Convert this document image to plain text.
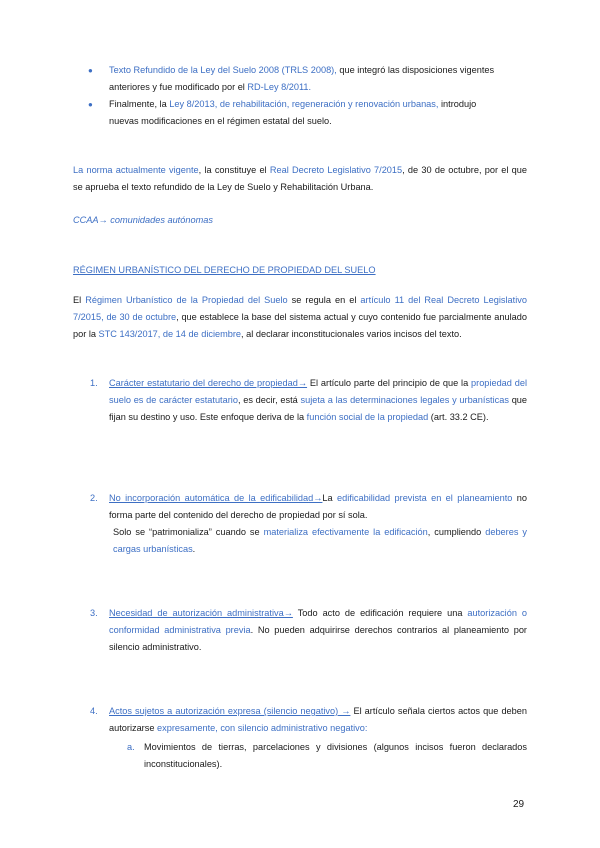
● Texto Refundido de la Ley del Suelo 2008 (TRLS 2008), que integró las disposiciones vigentes anteriores y fue modificado por el RD-Ley 8/2011.
● Finalmente, la Ley 8/2013, de rehabilitación, regeneración y renovación urbanas, introdujo nuevas modificaciones en el régimen estatal del suelo.
La norma actualmente vigente, la constituye el Real Decreto Legislativo 7/2015, de 30 de octubre, por el que se aprueba el texto refundido de la Ley de Suelo y Rehabilitación Urbana.
CCAA→ comunidades autónomas
RÉGIMEN URBANÍSTICO DEL DERECHO DE PROPIEDAD DEL SUELO
El Régimen Urbanístico de la Propiedad del Suelo se regula en el artículo 11 del Real Decreto Legislativo 7/2015, de 30 de octubre, que establece la base del sistema actual y cuyo contenido fue parcialmente anulado por la STC 143/2017, de 14 de diciembre, al declarar inconstitucionales varios incisos del texto.
1. Carácter estatutario del derecho de propiedad→ El artículo parte del principio de que la propiedad del suelo es de carácter estatutario, es decir, está sujeta a las determinaciones legales y urbanísticas que fijan su destino y uso. Este enfoque deriva de la función social de la propiedad (art. 33.2 CE).
2. No incorporación automática de la edificabilidad→La edificabilidad prevista en el planeamiento no forma parte del contenido del derecho de propiedad por sí sola.
Solo se “patrimonializa” cuando se materializa efectivamente la edificación, cumpliendo deberes y cargas urbanísticas.
3. Necesidad de autorización administrativa→ Todo acto de edificación requiere una autorización o conformidad administrativa previa. No pueden adquirirse derechos contrarios al planeamiento por silencio administrativo.
4. Actos sujetos a autorización expresa (silencio negativo) → El artículo señala ciertos actos que deben autorizarse expresamente, con silencio administrativo negativo:
a. Movimientos de tierras, parcelaciones y divisiones (algunos incisos fueron declarados inconstitucionales).
29
